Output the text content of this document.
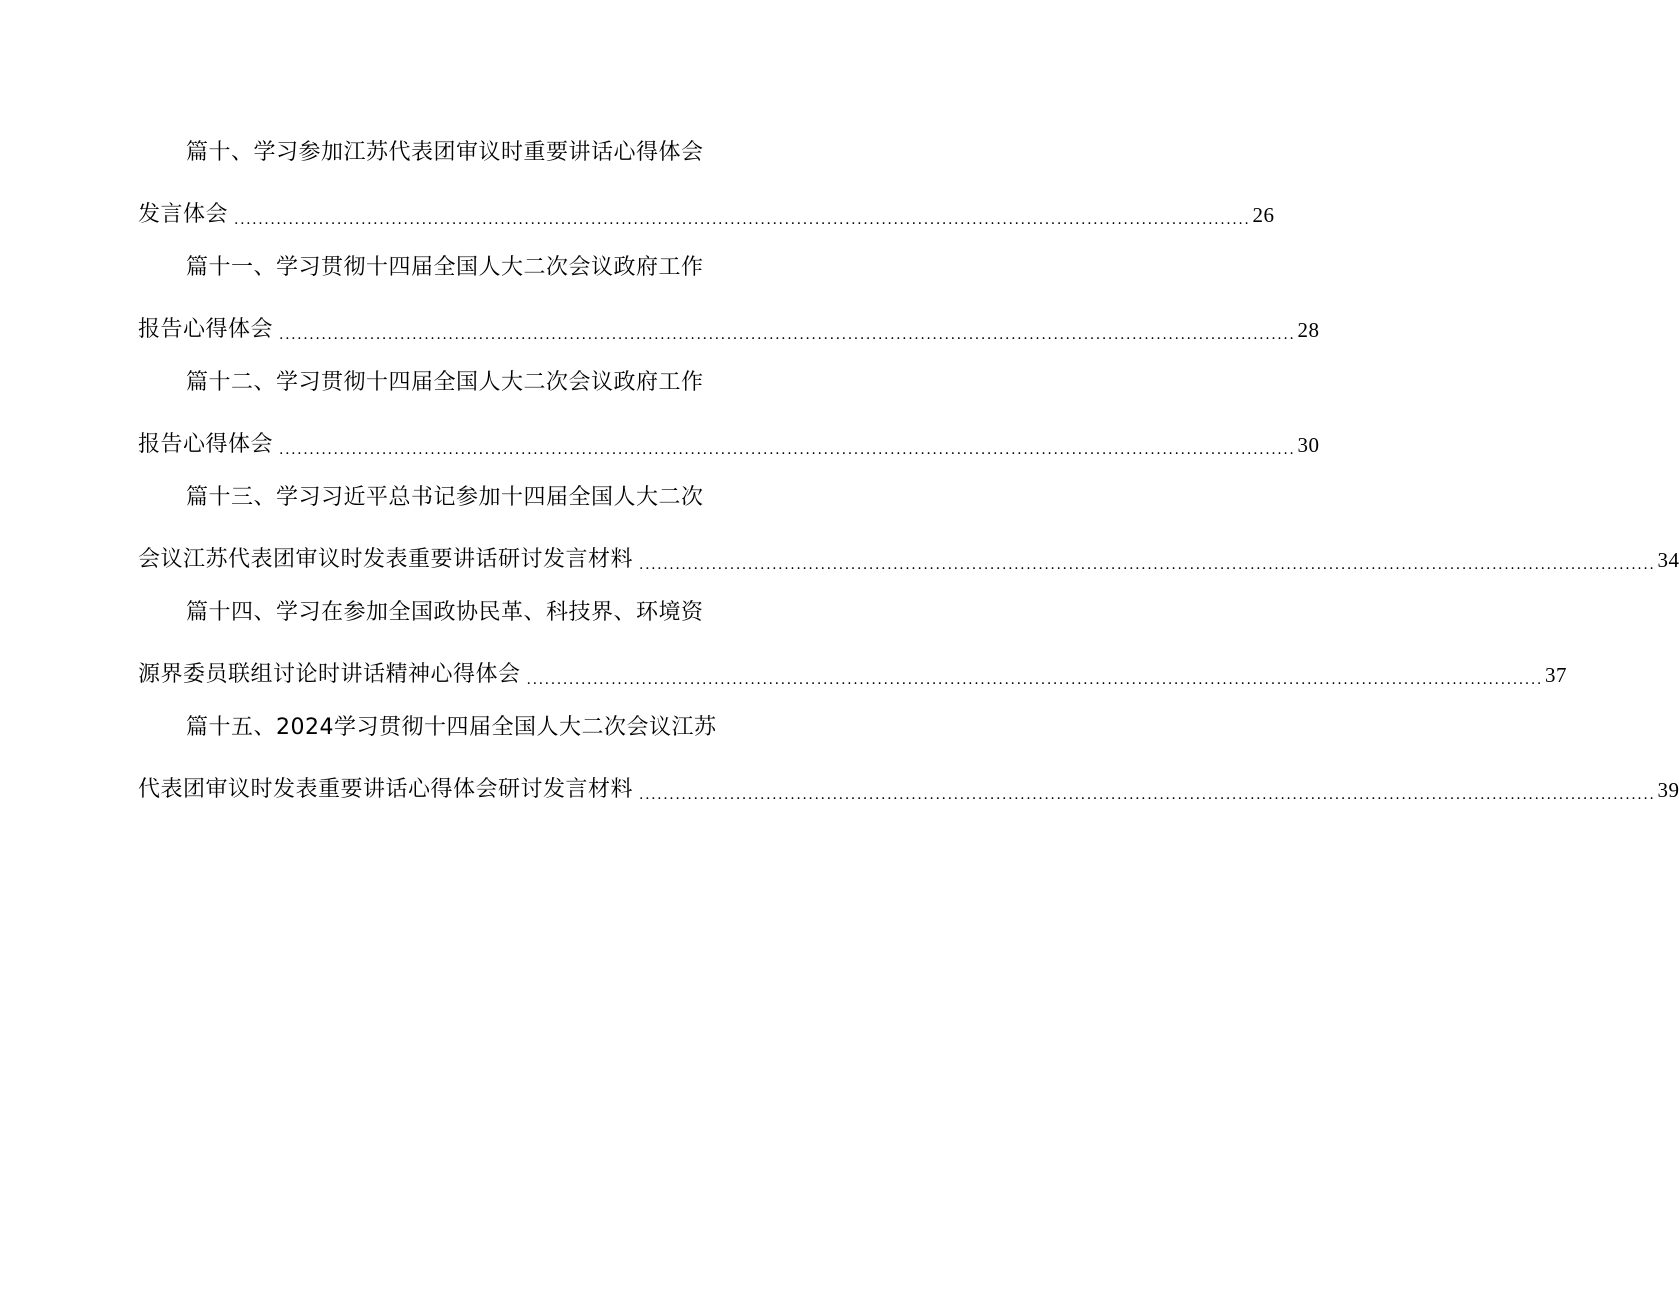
篇十、学习参加江苏代表团审议时重要讲话心得体会
发言体会 ........................................................................................................................................................................ 26
篇十一、学习贯彻十四届全国人大二次会议政府工作
报告心得体会 ........................................................................................................................................................................ 28
篇十二、学习贯彻十四届全国人大二次会议政府工作
报告心得体会 ........................................................................................................................................................................ 30
篇十三、学习习近平总书记参加十四届全国人大二次
会议江苏代表团审议时发表重要讲话研讨发言材料 ........................................................................................................................................................................ 34
篇十四、学习在参加全国政协民革、科技界、环境资
源界委员联组讨论时讲话精神心得体会 ........................................................................................................................................................................ 37
篇十五、2024学习贯彻十四届全国人大二次会议江苏
代表团审议时发表重要讲话心得体会研讨发言材料 ........................................................................................................................................................................ 39
